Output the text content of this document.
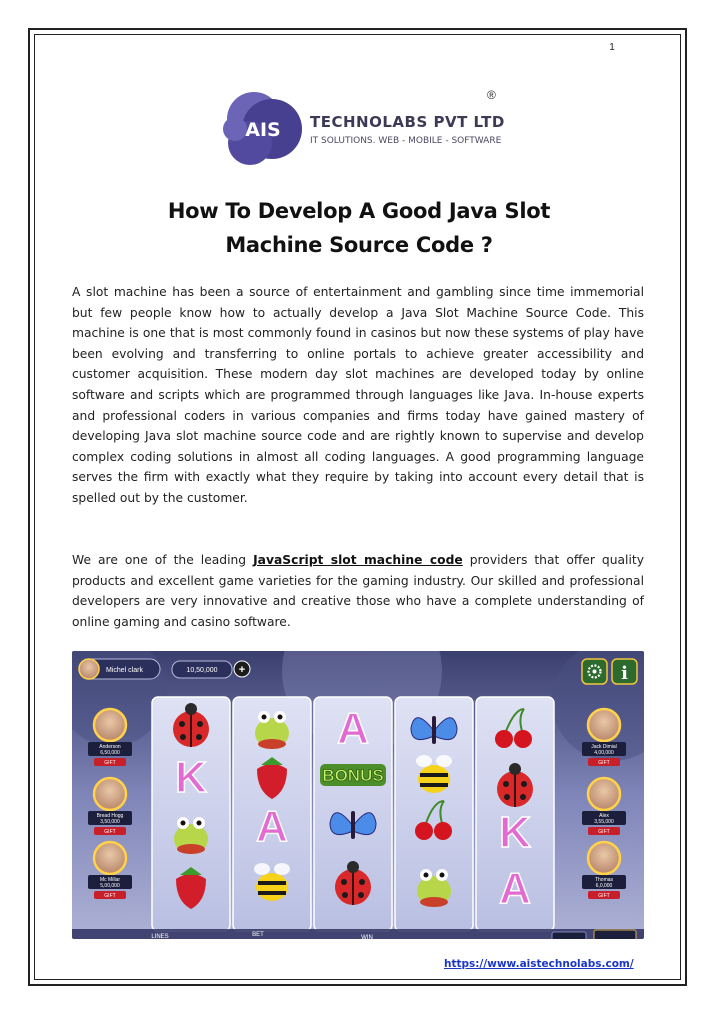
1
AIS
®
TECHNOLABS PVT LTD
IT SOLUTIONS. WEB - MOBILE - SOFTWARE
How To Develop A Good Java Slot
Machine Source Code ?
A slot machine has been a source of entertainment and gambling since time immemorial but few people know how to actually develop a Java Slot Machine Source Code. This machine is one that is most commonly found in casinos but now these systems of play have been evolving and transferring to online portals to achieve greater accessibility and customer acquisition. These modern day slot machines are developed today by online software and scripts which are programmed through languages like Java. In-house experts and professional coders in various companies and firms today have gained mastery of developing Java slot machine source code and are rightly known to supervise and develop complex coding solutions in almost all coding languages. A good programming language serves the firm with exactly what they require by taking into account every detail that is spelled out by the customer.
We are one of the leading JavaScript slot machine code providers that offer quality products and excellent game varieties for the gaming industry. Our skilled and professional developers are very innovative and creative those who have a complete understanding of online gaming and casino software.
Michel clark	10,50,000 +	i
K
A
A
BONUS
K
A
Anderson
6,50,000
GIFT
Bread Hogg
3,50,000
GIFT
Mc Millar
5,00,000
GIFT
Jack Dimial
4,00,000
GIFT
Alex
3,55,000
GIFT
Thomas
6,0,000
GIFT
LINES	BET	WIN
https://www.aistechnolabs.com/
